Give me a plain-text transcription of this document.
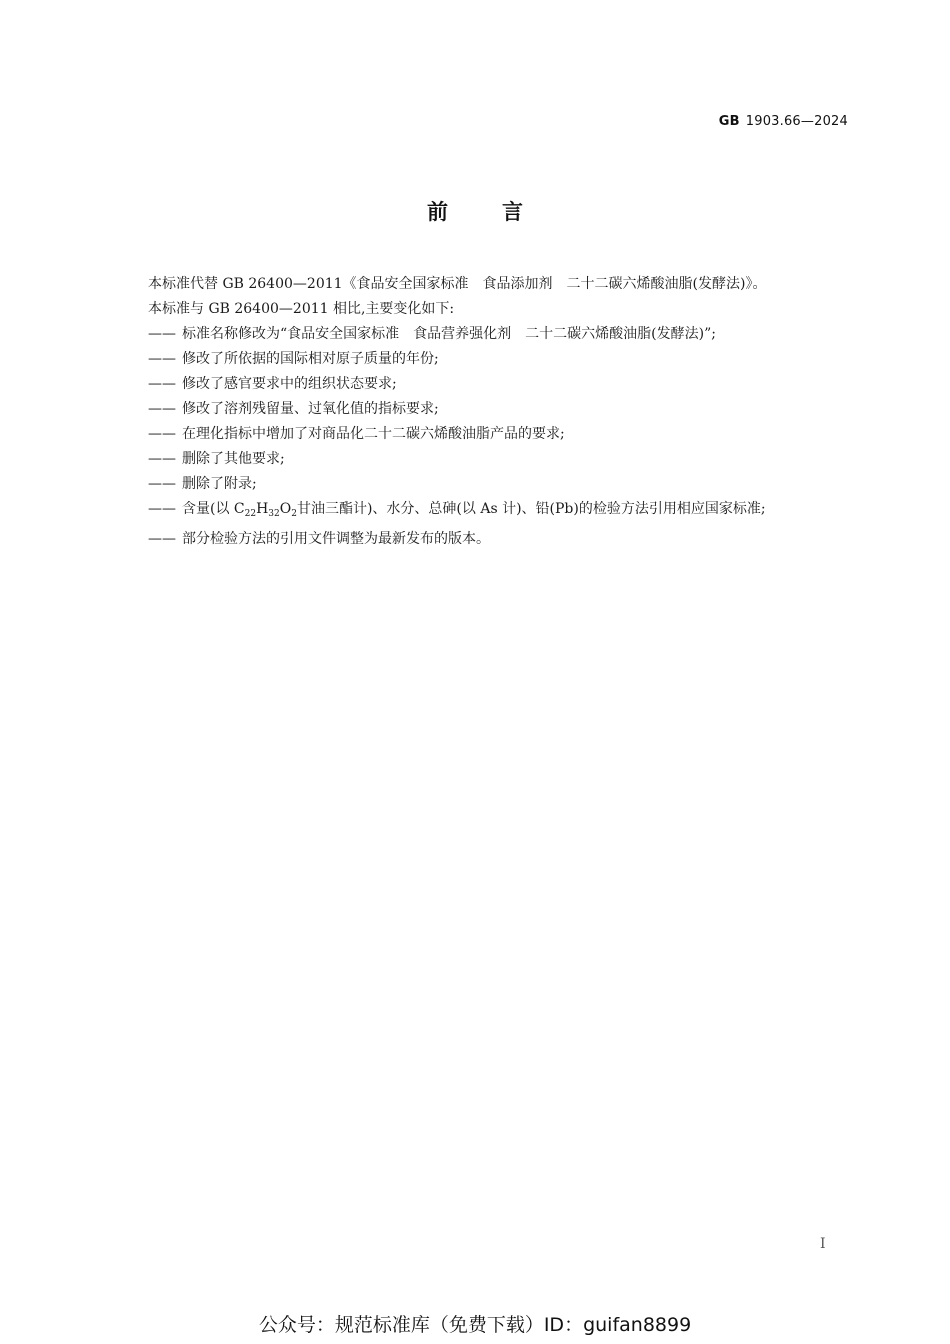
GB 1903.66—2024
前言

本标准代替 GB 26400—2011《食品安全国家标准　食品添加剂　二十二碳六烯酸油脂(发酵法)》。

本标准与 GB 26400—2011 相比,主要变化如下:

—— 标准名称修改为“食品安全国家标准　食品营养强化剂　二十二碳六烯酸油脂(发酵法)”;

—— 修改了所依据的国际相对原子质量的年份;

—— 修改了感官要求中的组织状态要求;

—— 修改了溶剂残留量、过氧化值的指标要求;

—— 在理化指标中增加了对商品化二十二碳六烯酸油脂产品的要求;

—— 删除了其他要求;

—— 删除了附录;

—— 含量(以 $C_{22}H_{32}O_2$甘油三酯计)、水分、总砷(以 As 计)、铅(Pb)的检验方法引用相应国家标准;

—— 部分检验方法的引用文件调整为最新发布的版本。

I
公众号：规范标准库（免费下载）ID：guifan8899
